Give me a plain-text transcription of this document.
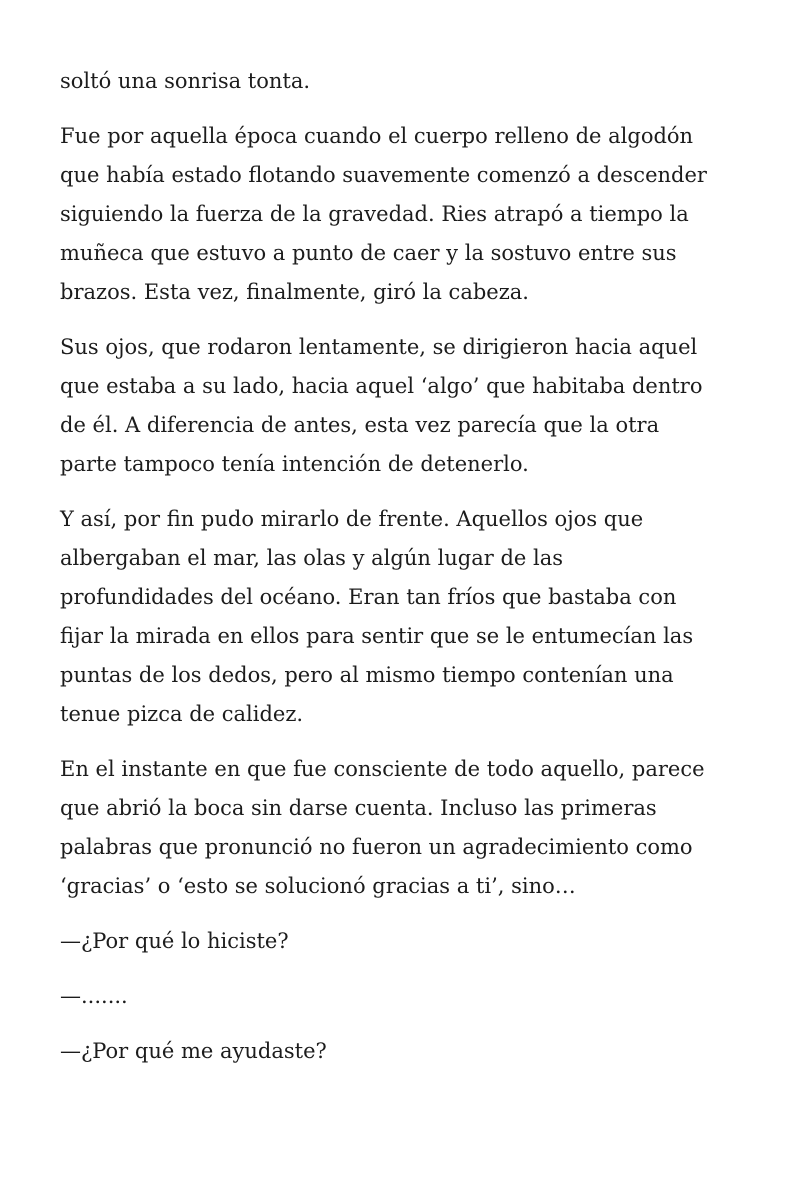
soltó una sonrisa tonta.

Fue por aquella época cuando el cuerpo relleno de algodón
que había estado flotando suavemente comenzó a descender
siguiendo la fuerza de la gravedad. Ries atrapó a tiempo la
muñeca que estuvo a punto de caer y la sostuvo entre sus
brazos. Esta vez, finalmente, giró la cabeza.

Sus ojos, que rodaron lentamente, se dirigieron hacia aquel
que estaba a su lado, hacia aquel ‘algo’ que habitaba dentro
de él. A diferencia de antes, esta vez parecía que la otra
parte tampoco tenía intención de detenerlo.

Y así, por fin pudo mirarlo de frente. Aquellos ojos que
albergaban el mar, las olas y algún lugar de las
profundidades del océano. Eran tan fríos que bastaba con
fijar la mirada en ellos para sentir que se le entumecían las
puntas de los dedos, pero al mismo tiempo contenían una
tenue pizca de calidez.

En el instante en que fue consciente de todo aquello, parece
que abrió la boca sin darse cuenta. Incluso las primeras
palabras que pronunció no fueron un agradecimiento como
‘gracias’ o ‘esto se solucionó gracias a ti’, sino…

—¿Por qué lo hiciste?

—.......

—¿Por qué me ayudaste?
